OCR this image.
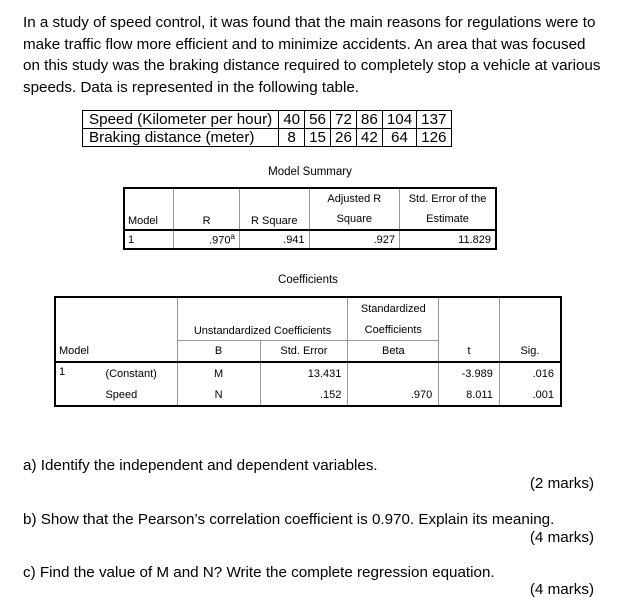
In a study of speed control, it was found that the main reasons for regulations were to make traffic flow more efficient and to minimize accidents. An area that was focused on this study was the braking distance required to completely stop a vehicle at various speeds. Data is represented in the following table.
Speed (Kilometer per hour)	40	56	72	86	104	137
Braking distance (meter)	8	15	26	42	64	126
Model Summary
Model	R	R Square	Adjusted R	Std. Error of the
			Square	Estimate
1	.970$^a$	.941	.927	11.829
Coefficients
		Unstandardized Coefficients		Standardized		
				Coefficients		
Model		B	Std. Error	Beta	t	Sig.
1	(Constant)	M	13.431		-3.989	.016
	Speed	N	.152	.970	8.011	.001
a) Identify the independent and dependent variables.
(2 marks)
b) Show that the Pearson’s correlation coefficient is 0.970. Explain its meaning.
(4 marks)
c) Find the value of M and N? Write the complete regression equation.
(4 marks)
